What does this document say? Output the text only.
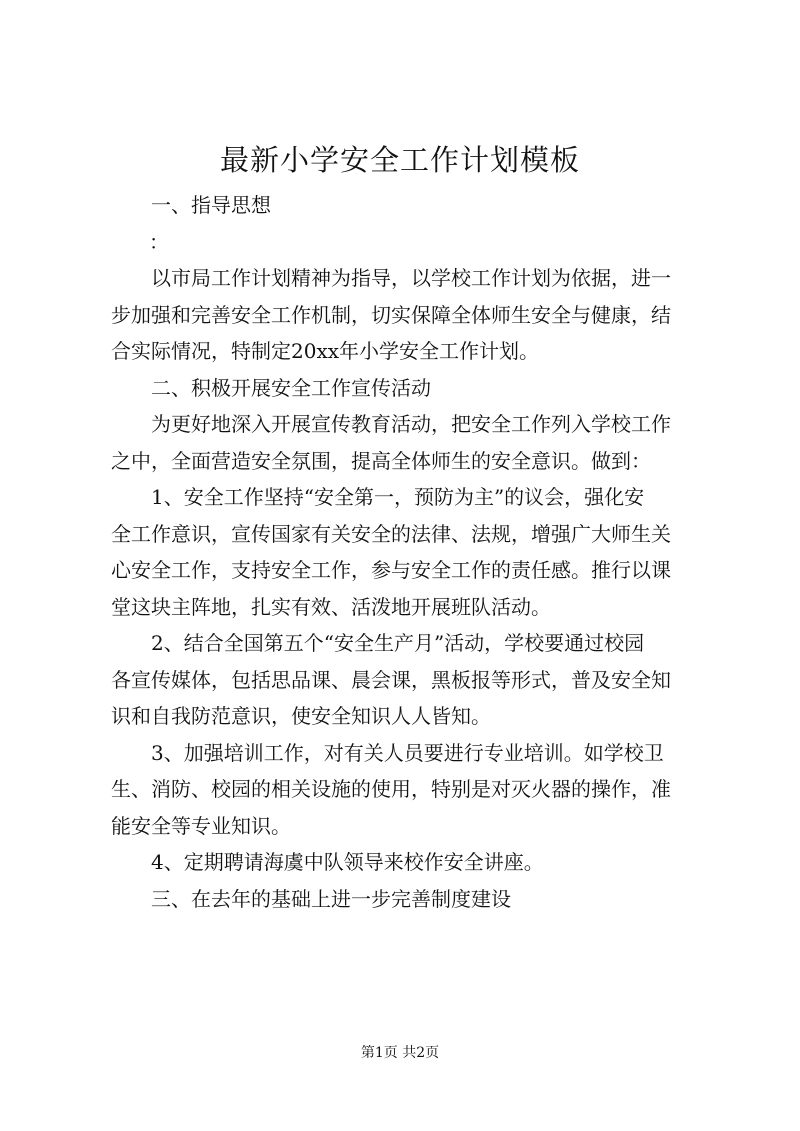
最新小学安全工作计划模板
一、指导思想
：
以市局工作计划精神为指导，以学校工作计划为依据，进一
步加强和完善安全工作机制，切实保障全体师生安全与健康，结
合实际情况，特制定20xx年小学安全工作计划。
二、积极开展安全工作宣传活动
为更好地深入开展宣传教育活动，把安全工作列入学校工作
之中，全面营造安全氛围，提高全体师生的安全意识。做到：
1、安全工作坚持“安全第一，预防为主”的议会，强化安
全工作意识，宣传国家有关安全的法律、法规，增强广大师生关
心安全工作，支持安全工作，参与安全工作的责任感。推行以课
堂这块主阵地，扎实有效、活泼地开展班队活动。
2、结合全国第五个“安全生产月”活动，学校要通过校园
各宣传媒体，包括思品课、晨会课，黑板报等形式，普及安全知
识和自我防范意识，使安全知识人人皆知。
3、加强培训工作，对有关人员要进行专业培训。如学校卫
生、消防、校园的相关设施的使用，特别是对灭火器的操作，准
能安全等专业知识。
4、定期聘请海虞中队领导来校作安全讲座。
三、在去年的基础上进一步完善制度建设
第1页 共2页
